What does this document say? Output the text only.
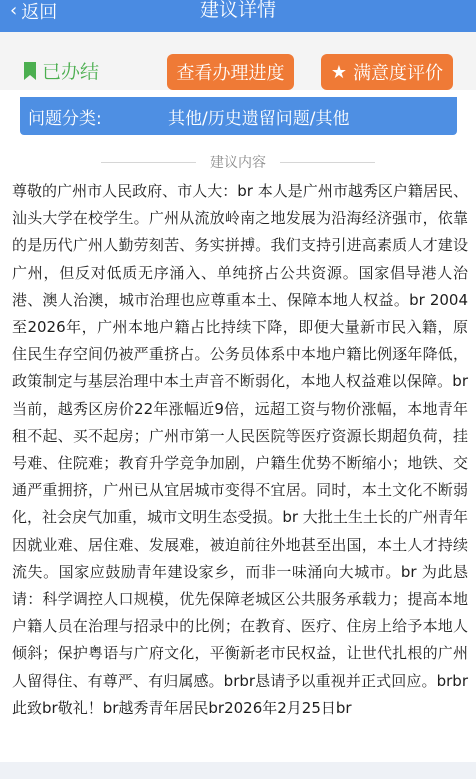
‹ 返回	建议详情
已办结	查看办理进度	★ 满意度评价
问题分类:	其他/历史遗留问题/其他
建议内容
尊敬的广州市人民政府、市人大：br 本人是广州市越秀区户籍居民、汕头大学在校学生。广州从流放岭南之地发展为沿海经济强市，依靠的是历代广州人勤劳刻苦、务实拼搏。我们支持引进高素质人才建设广州，但反对低质无序涌入、单纯挤占公共资源。国家倡导港人治港、澳人治澳，城市治理也应尊重本土、保障本地人权益。br 2004至2026年，广州本地户籍占比持续下降，即便大量新市民入籍，原住民生存空间仍被严重挤占。公务员体系中本地户籍比例逐年降低，政策制定与基层治理中本土声音不断弱化，本地人权益难以保障。br 当前，越秀区房价22年涨幅近9倍，远超工资与物价涨幅，本地青年租不起、买不起房；广州市第一人民医院等医疗资源长期超负荷，挂号难、住院难；教育升学竞争加剧，户籍生优势不断缩小；地铁、交通严重拥挤，广州已从宜居城市变得不宜居。同时，本土文化不断弱化，社会戾气加重，城市文明生态受损。br 大批土生土长的广州青年因就业难、居住难、发展难，被迫前往外地甚至出国，本土人才持续流失。国家应鼓励青年建设家乡，而非一味涌向大城市。br 为此恳请：科学调控人口规模，优先保障老城区公共服务承载力；提高本地户籍人员在治理与招录中的比例；在教育、医疗、住房上给予本地人倾斜；保护粤语与广府文化，平衡新老市民权益，让世代扎根的广州人留得住、有尊严、有归属感。brbr恳请予以重视并正式回应。brbr此致br敬礼！br越秀青年居民br2026年2月25日br
